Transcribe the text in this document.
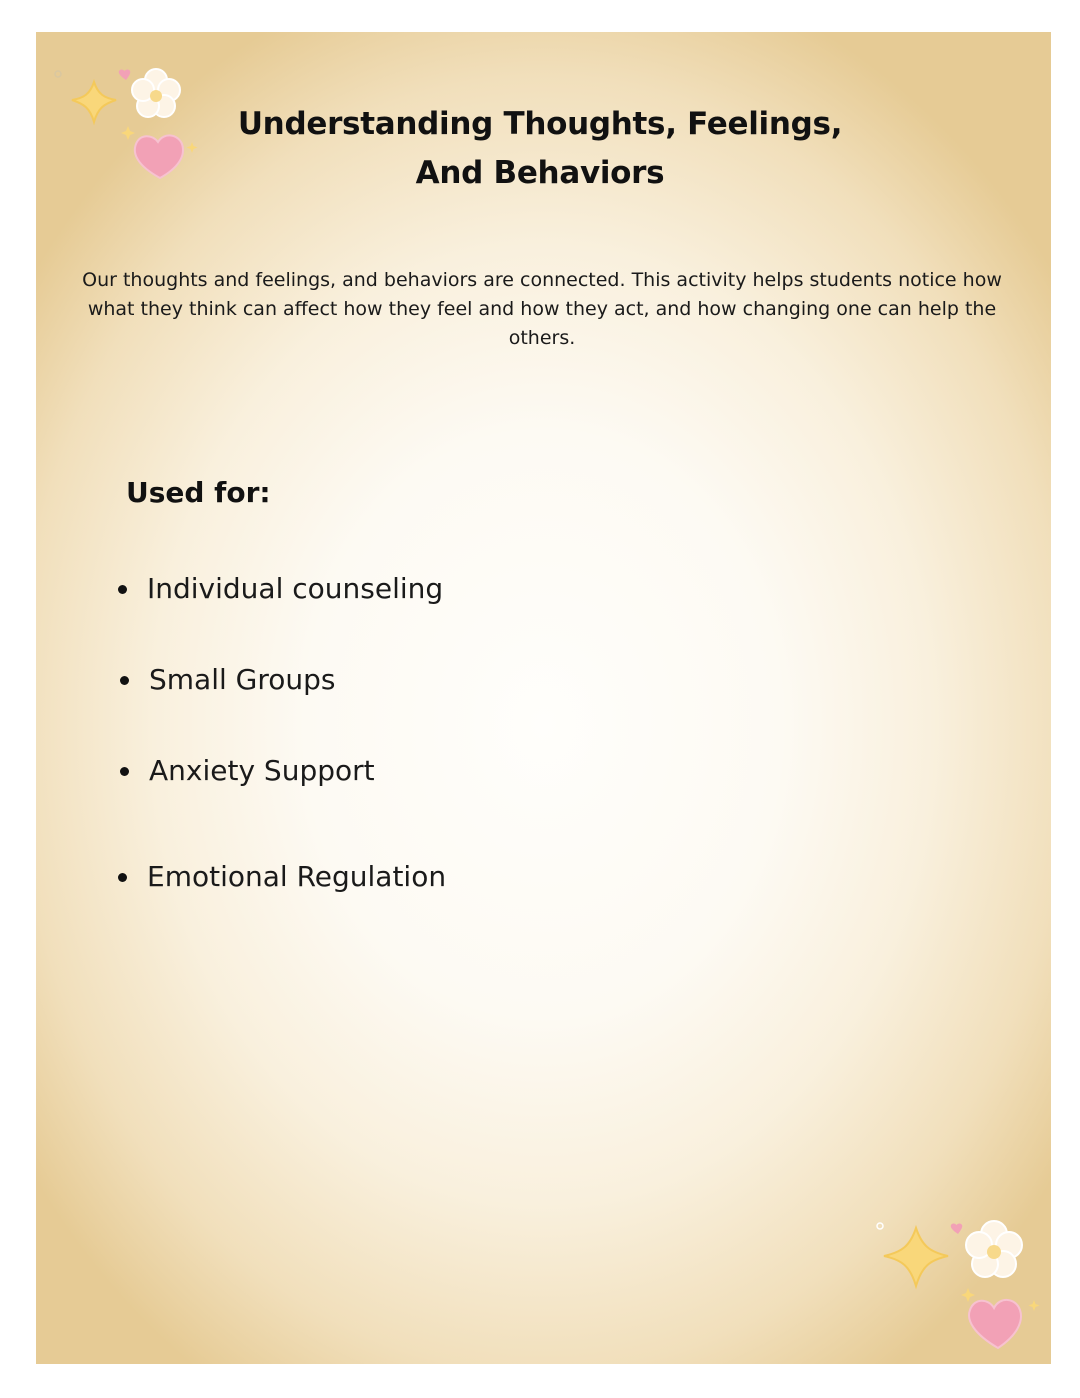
Understanding Thoughts, Feelings,
And Behaviors

Our thoughts and feelings, and behaviors are connected. This activity helps students notice how what they think can affect how they feel and how they act, and how changing one can help the others.

Used for:
Individual counseling
Small Groups
Anxiety Support
Emotional Regulation
